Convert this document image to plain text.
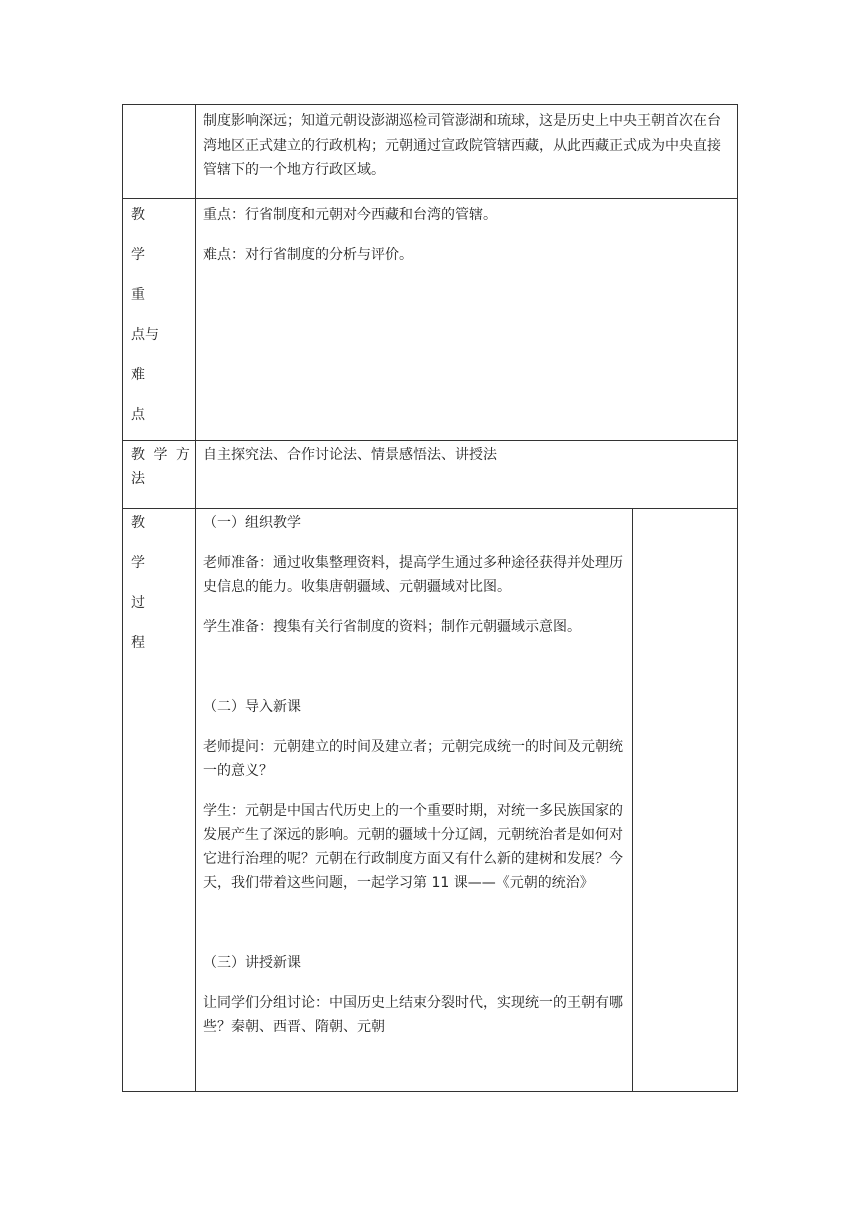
制度影响深远；知道元朝设澎湖巡检司管澎湖和琉球，这是历史上中央王朝首次在台湾地区正式建立的行政机构；元朝通过宣政院管辖西藏，从此西藏正式成为中央直接管辖下的一个地方行政区域。

教
学
重
点与
难
点

重点：行省制度和元朝对今西藏和台湾的管辖。

难点：对行省制度的分析与评价。

教 学 方法

自主探究法、合作讨论法、情景感悟法、讲授法

教
学
过
程

（一）组织教学

老师准备：通过收集整理资料，提高学生通过多种途径获得并处理历史信息的能力。收集唐朝疆域、元朝疆域对比图。

学生准备：搜集有关行省制度的资料；制作元朝疆域示意图。

（二）导入新课

老师提问：元朝建立的时间及建立者；元朝完成统一的时间及元朝统一的意义？

学生：元朝是中国古代历史上的一个重要时期，对统一多民族国家的发展产生了深远的影响。元朝的疆域十分辽阔，元朝统治者是如何对它进行治理的呢？元朝在行政制度方面又有什么新的建树和发展？今天，我们带着这些问题，一起学习第 11 课——《元朝的统治》

（三）讲授新课

让同学们分组讨论：中国历史上结束分裂时代，实现统一的王朝有哪些？秦朝、西晋、隋朝、元朝
